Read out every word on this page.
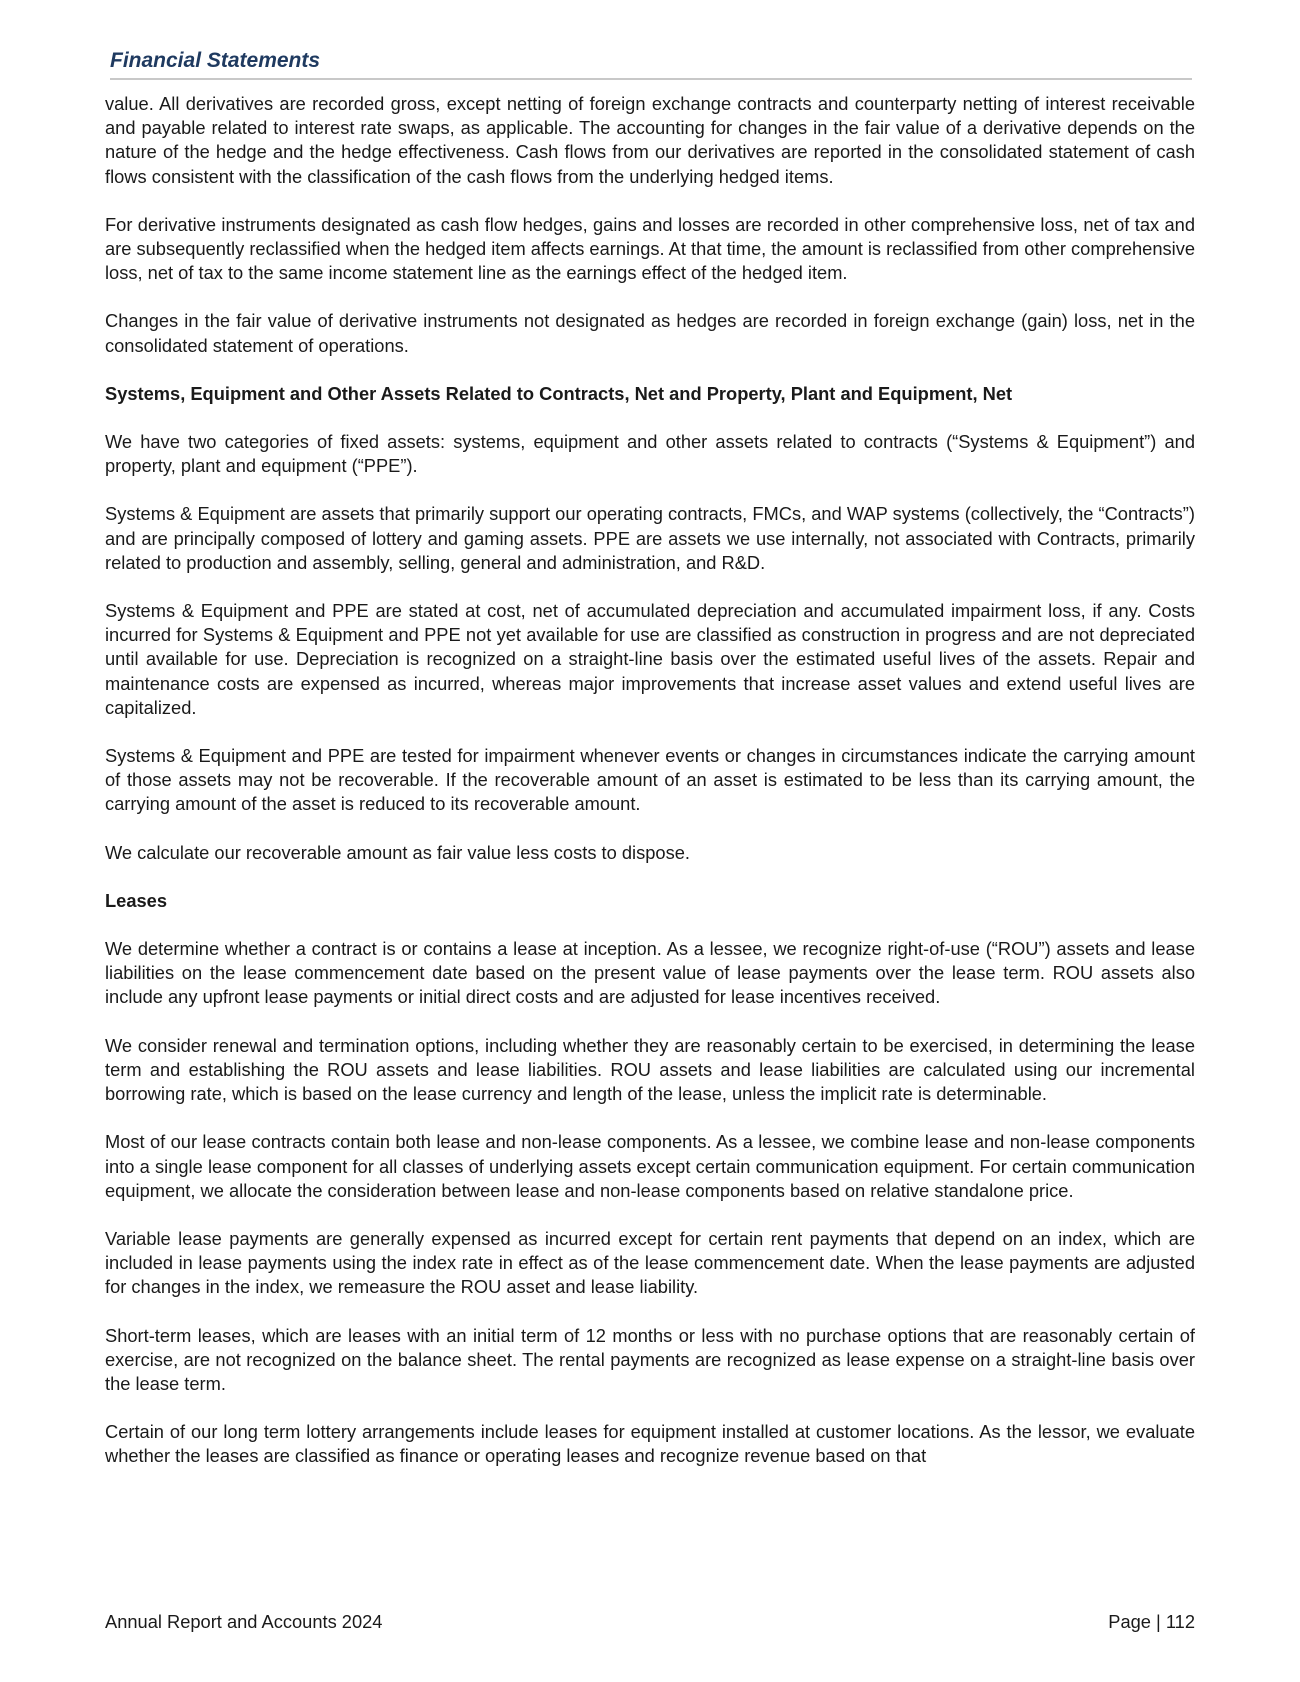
Financial Statements

value. All derivatives are recorded gross, except netting of foreign exchange contracts and counterparty netting of interest receivable and payable related to interest rate swaps, as applicable. The accounting for changes in the fair value of a derivative depends on the nature of the hedge and the hedge effectiveness. Cash flows from our derivatives are reported in the consolidated statement of cash flows consistent with the classification of the cash flows from the underlying hedged items.

For derivative instruments designated as cash flow hedges, gains and losses are recorded in other comprehensive loss, net of tax and are subsequently reclassified when the hedged item affects earnings. At that time, the amount is reclassified from other comprehensive loss, net of tax to the same income statement line as the earnings effect of the hedged item.

Changes in the fair value of derivative instruments not designated as hedges are recorded in foreign exchange (gain) loss, net in the consolidated statement of operations.

Systems, Equipment and Other Assets Related to Contracts, Net and Property, Plant and Equipment, Net

We have two categories of fixed assets: systems, equipment and other assets related to contracts (“Systems & Equipment”) and property, plant and equipment (“PPE”).

Systems & Equipment are assets that primarily support our operating contracts, FMCs, and WAP systems (collectively, the “Contracts”) and are principally composed of lottery and gaming assets. PPE are assets we use internally, not associated with Contracts, primarily related to production and assembly, selling, general and administration, and R&D.

Systems & Equipment and PPE are stated at cost, net of accumulated depreciation and accumulated impairment loss, if any. Costs incurred for Systems & Equipment and PPE not yet available for use are classified as construction in progress and are not depreciated until available for use. Depreciation is recognized on a straight-line basis over the estimated useful lives of the assets. Repair and maintenance costs are expensed as incurred, whereas major improvements that increase asset values and extend useful lives are capitalized.

Systems & Equipment and PPE are tested for impairment whenever events or changes in circumstances indicate the carrying amount of those assets may not be recoverable. If the recoverable amount of an asset is estimated to be less than its carrying amount, the carrying amount of the asset is reduced to its recoverable amount.

We calculate our recoverable amount as fair value less costs to dispose.

Leases

We determine whether a contract is or contains a lease at inception. As a lessee, we recognize right-of-use (“ROU”) assets and lease liabilities on the lease commencement date based on the present value of lease payments over the lease term. ROU assets also include any upfront lease payments or initial direct costs and are adjusted for lease incentives received.

We consider renewal and termination options, including whether they are reasonably certain to be exercised, in determining the lease term and establishing the ROU assets and lease liabilities. ROU assets and lease liabilities are calculated using our incremental borrowing rate, which is based on the lease currency and length of the lease, unless the implicit rate is determinable.

Most of our lease contracts contain both lease and non-lease components. As a lessee, we combine lease and non-lease components into a single lease component for all classes of underlying assets except certain communication equipment. For certain communication equipment, we allocate the consideration between lease and non-lease components based on relative standalone price.

Variable lease payments are generally expensed as incurred except for certain rent payments that depend on an index, which are included in lease payments using the index rate in effect as of the lease commencement date. When the lease payments are adjusted for changes in the index, we remeasure the ROU asset and lease liability.

Short-term leases, which are leases with an initial term of 12 months or less with no purchase options that are reasonably certain of exercise, are not recognized on the balance sheet. The rental payments are recognized as lease expense on a straight-line basis over the lease term.

Certain of our long term lottery arrangements include leases for equipment installed at customer locations. As the lessor, we evaluate whether the leases are classified as finance or operating leases and recognize revenue based on that

Annual Report and Accounts 2024	Page | 112
